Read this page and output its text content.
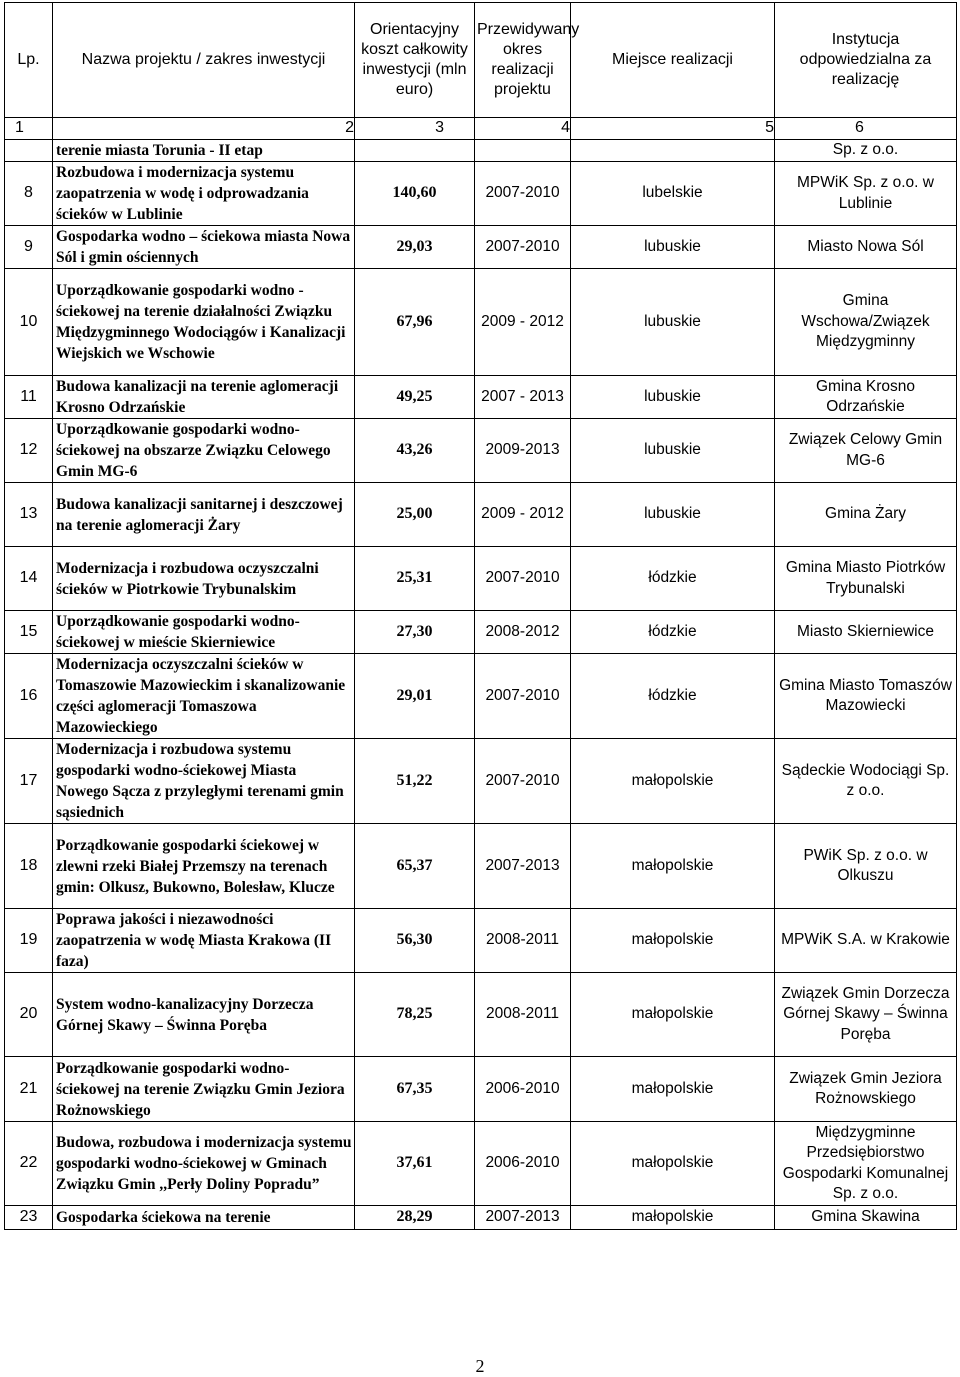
Lp.	Nazwa projektu / zakres inwestycji	Orientacyjny koszt całkowity inwestycji (mln euro)	Przewidywany okres realizacji projektu	Miejsce realizacji	Instytucja odpowiedzialna za realizację
1	2	3	4	5	6
	terenie miasta Torunia - II etap				Sp. z o.o.
8	Rozbudowa i modernizacja systemu zaopatrzenia w wodę i odprowadzania ścieków w Lublinie	140,60	2007-2010	lubelskie	MPWiK Sp. z o.o. w Lublinie
9	Gospodarka wodno – ściekowa miasta Nowa Sól i gmin ościennych	29,03	2007-2010	lubuskie	Miasto Nowa Sól
10	Uporządkowanie gospodarki wodno - ściekowej na terenie działalności Związku Międzygminnego Wodociągów i Kanalizacji Wiejskich we Wschowie	67,96	2009 - 2012	lubuskie	Gmina Wschowa/Związek Międzygminny
11	Budowa kanalizacji na terenie aglomeracji Krosno Odrzańskie	49,25	2007 - 2013	lubuskie	Gmina Krosno Odrzańskie
12	Uporządkowanie gospodarki wodno-ściekowej na obszarze Związku Celowego Gmin MG-6	43,26	2009-2013	lubuskie	Związek Celowy Gmin MG-6
13	Budowa kanalizacji sanitarnej i deszczowej na terenie aglomeracji Żary	25,00	2009 - 2012	lubuskie	Gmina Żary
14	Modernizacja i rozbudowa oczyszczalni ścieków w Piotrkowie Trybunalskim	25,31	2007-2010	łódzkie	Gmina Miasto Piotrków Trybunalski
15	Uporządkowanie gospodarki wodno-ściekowej w mieście Skierniewice	27,30	2008-2012	łódzkie	Miasto Skierniewice
16	Modernizacja oczyszczalni ścieków w Tomaszowie Mazowieckim i skanalizowanie części aglomeracji Tomaszowa Mazowieckiego	29,01	2007-2010	łódzkie	Gmina Miasto Tomaszów Mazowiecki
17	Modernizacja i rozbudowa systemu gospodarki wodno-ściekowej Miasta Nowego Sącza z przyległymi terenami gmin sąsiednich	51,22	2007-2010	małopolskie	Sądeckie Wodociągi Sp. z o.o.
18	Porządkowanie gospodarki ściekowej w zlewni rzeki Białej Przemszy na terenach gmin: Olkusz, Bukowno, Bolesław, Klucze	65,37	2007-2013	małopolskie	PWiK Sp. z o.o. w Olkuszu
19	Poprawa jakości i niezawodności zaopatrzenia w wodę Miasta Krakowa (II faza)	56,30	2008-2011	małopolskie	MPWiK S.A. w Krakowie
20	System wodno-kanalizacyjny Dorzecza Górnej Skawy – Świnna Poręba	78,25	2008-2011	małopolskie	Związek Gmin Dorzecza Górnej Skawy – Świnna Poręba
21	Porządkowanie gospodarki wodno-ściekowej na terenie Związku Gmin Jeziora Rożnowskiego	67,35	2006-2010	małopolskie	Związek Gmin Jeziora Rożnowskiego
22	Budowa, rozbudowa i modernizacja systemu gospodarki wodno-ściekowej w Gminach Związku Gmin ,,Perły Doliny Popradu”	37,61	2006-2010	małopolskie	Międzygminne Przedsiębiorstwo Gospodarki Komunalnej Sp. z o.o.
23	Gospodarka ściekowa na terenie	28,29	2007-2013	małopolskie	Gmina Skawina
2
